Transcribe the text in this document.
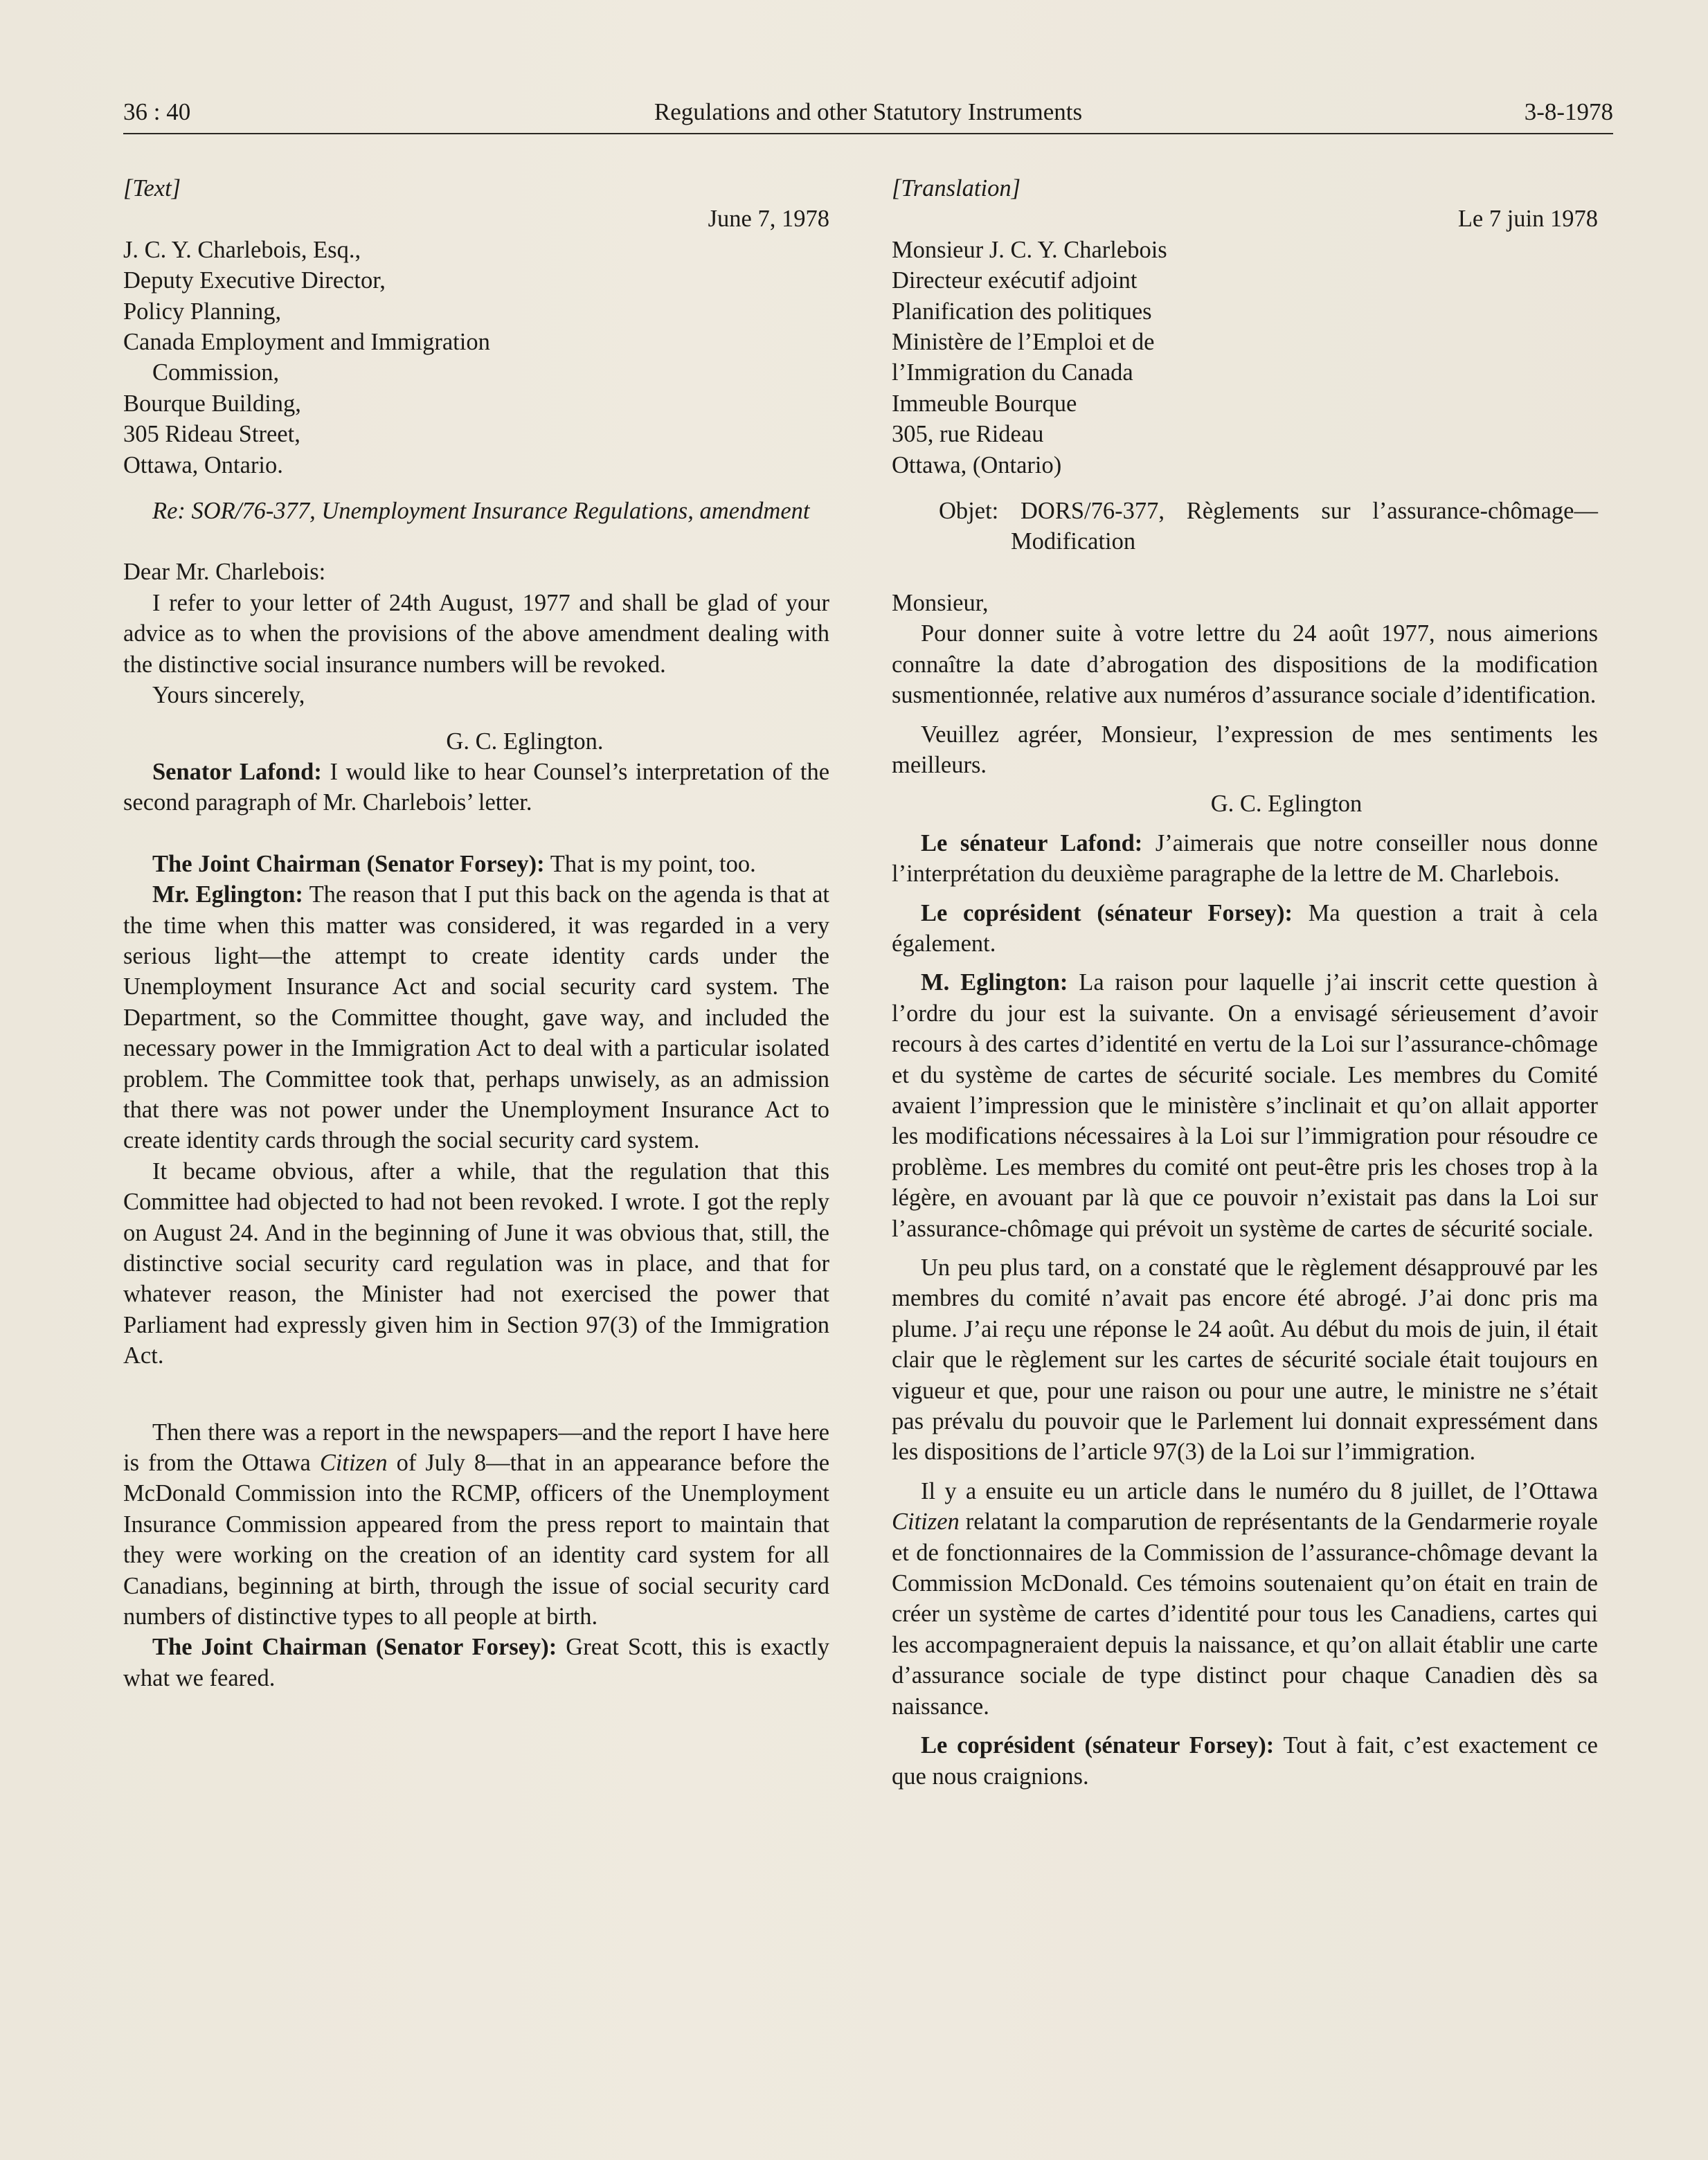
36 : 40	Regulations and other Statutory Instruments	3-8-1978

[Text]

June 7, 1978

J. C. Y. Charlebois, Esq.,

Deputy Executive Director,

Policy Planning,

Canada Employment and Immigration

Commission,

Bourque Building,

305 Rideau Street,

Ottawa, Ontario.

Re: SOR/76-377, Unemployment Insurance Regulations, amendment

Dear Mr. Charlebois:

I refer to your letter of 24th August, 1977 and shall be glad of your advice as to when the provisions of the above amendment dealing with the distinctive social insurance numbers will be revoked.

Yours sincerely,

G. C. Eglington.

Senator Lafond: I would like to hear Counsel’s interpretation of the second paragraph of Mr. Charlebois’ letter.

The Joint Chairman (Senator Forsey): That is my point, too.

Mr. Eglington: The reason that I put this back on the agenda is that at the time when this matter was considered, it was regarded in a very serious light—the attempt to create identity cards under the Unemployment Insurance Act and social security card system. The Department, so the Committee thought, gave way, and included the necessary power in the Immigration Act to deal with a particular isolated problem. The Committee took that, perhaps unwisely, as an admission that there was not power under the Unemployment Insurance Act to create identity cards through the social security card system.

It became obvious, after a while, that the regulation that this Committee had objected to had not been revoked. I wrote. I got the reply on August 24. And in the beginning of June it was obvious that, still, the distinctive social security card regulation was in place, and that for whatever reason, the Minister had not exercised the power that Parliament had expressly given him in Section 97(3) of the Immigration Act.

Then there was a report in the newspapers—and the report I have here is from the Ottawa Citizen of July 8—that in an appearance before the McDonald Commission into the RCMP, officers of the Unemployment Insurance Commission appeared from the press report to maintain that they were working on the creation of an identity card system for all Canadians, beginning at birth, through the issue of social security card numbers of distinctive types to all people at birth.

The Joint Chairman (Senator Forsey): Great Scott, this is exactly what we feared.

[Translation]

Le 7 juin 1978

Monsieur J. C. Y. Charlebois

Directeur exécutif adjoint

Planification des politiques

Ministère de l’Emploi et de

l’Immigration du Canada

Immeuble Bourque

305, rue Rideau

Ottawa, (Ontario)

Objet: DORS/76-377, Règlements sur l’assurance-chômage—Modification

Monsieur,

Pour donner suite à votre lettre du 24 août 1977, nous aimerions connaître la date d’abrogation des dispositions de la modification susmentionnée, relative aux numéros d’assurance sociale d’identification.

Veuillez agréer, Monsieur, l’expression de mes sentiments les meilleurs.

G. C. Eglington

Le sénateur Lafond: J’aimerais que notre conseiller nous donne l’interprétation du deuxième paragraphe de la lettre de M. Charlebois.

Le coprésident (sénateur Forsey): Ma question a trait à cela également.

M. Eglington: La raison pour laquelle j’ai inscrit cette question à l’ordre du jour est la suivante. On a envisagé sérieusement d’avoir recours à des cartes d’identité en vertu de la Loi sur l’assurance-chômage et du système de cartes de sécurité sociale. Les membres du Comité avaient l’impression que le ministère s’inclinait et qu’on allait apporter les modifications nécessaires à la Loi sur l’immigration pour résoudre ce problème. Les membres du comité ont peut-être pris les choses trop à la légère, en avouant par là que ce pouvoir n’existait pas dans la Loi sur l’assurance-chômage qui prévoit un système de cartes de sécurité sociale.

Un peu plus tard, on a constaté que le règlement désapprouvé par les membres du comité n’avait pas encore été abrogé. J’ai donc pris ma plume. J’ai reçu une réponse le 24 août. Au début du mois de juin, il était clair que le règlement sur les cartes de sécurité sociale était toujours en vigueur et que, pour une raison ou pour une autre, le ministre ne s’était pas prévalu du pouvoir que le Parlement lui donnait expressément dans les dispositions de l’article 97(3) de la Loi sur l’immigration.

Il y a ensuite eu un article dans le numéro du 8 juillet, de l’Ottawa Citizen relatant la comparution de représentants de la Gendarmerie royale et de fonctionnaires de la Commission de l’assurance-chômage devant la Commission McDonald. Ces témoins soutenaient qu’on était en train de créer un système de cartes d’identité pour tous les Canadiens, cartes qui les accompagneraient depuis la naissance, et qu’on allait établir une carte d’assurance sociale de type distinct pour chaque Canadien dès sa naissance.

Le coprésident (sénateur Forsey): Tout à fait, c’est exactement ce que nous craignions.
